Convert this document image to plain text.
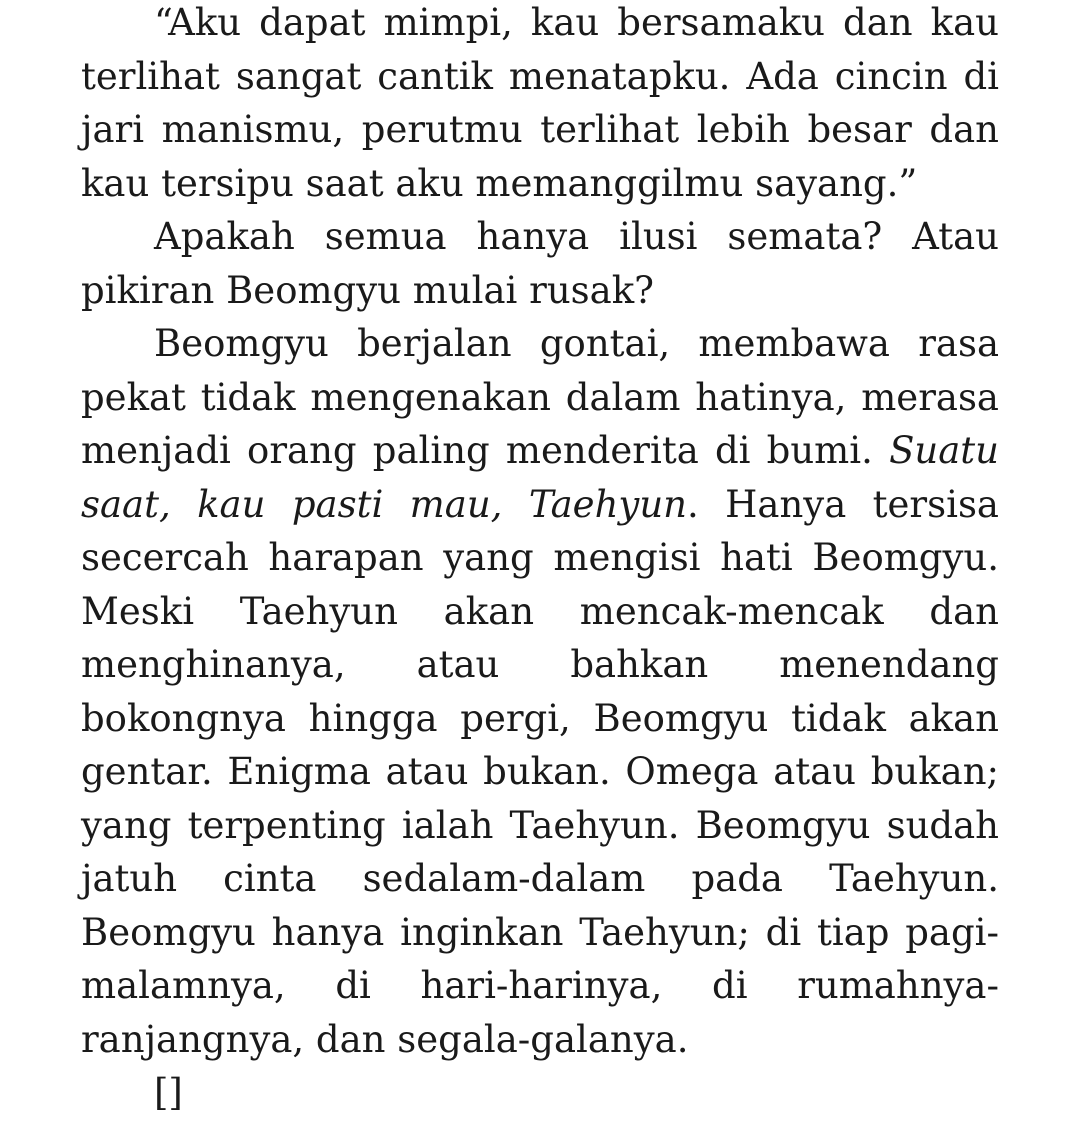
“Aku dapat mimpi, kau bersamaku dan kau terlihat sangat cantik menatapku. Ada cincin di jari manismu, perutmu terlihat lebih besar dan kau tersipu saat aku memanggilmu sayang.”

Apakah semua hanya ilusi semata? Atau pikiran Beomgyu mulai rusak?

Beomgyu berjalan gontai, membawa rasa pekat tidak mengenakan dalam hatinya, merasa menjadi orang paling menderita di bumi. Suatu saat, kau pasti mau, Taehyun. Hanya tersisa secercah harapan yang mengisi hati Beomgyu. Meski Taehyun akan mencak-mencak dan menghinanya, atau bahkan menendang bokongnya hingga pergi, Beomgyu tidak akan gentar. Enigma atau bukan. Omega atau bukan; yang terpenting ialah Taehyun. Beomgyu sudah jatuh cinta sedalam-dalam pada Taehyun. Beomgyu hanya inginkan Taehyun; di tiap pagi-malamnya, di hari-harinya, di rumahnya-ranjangnya, dan segala-galanya.

[]
